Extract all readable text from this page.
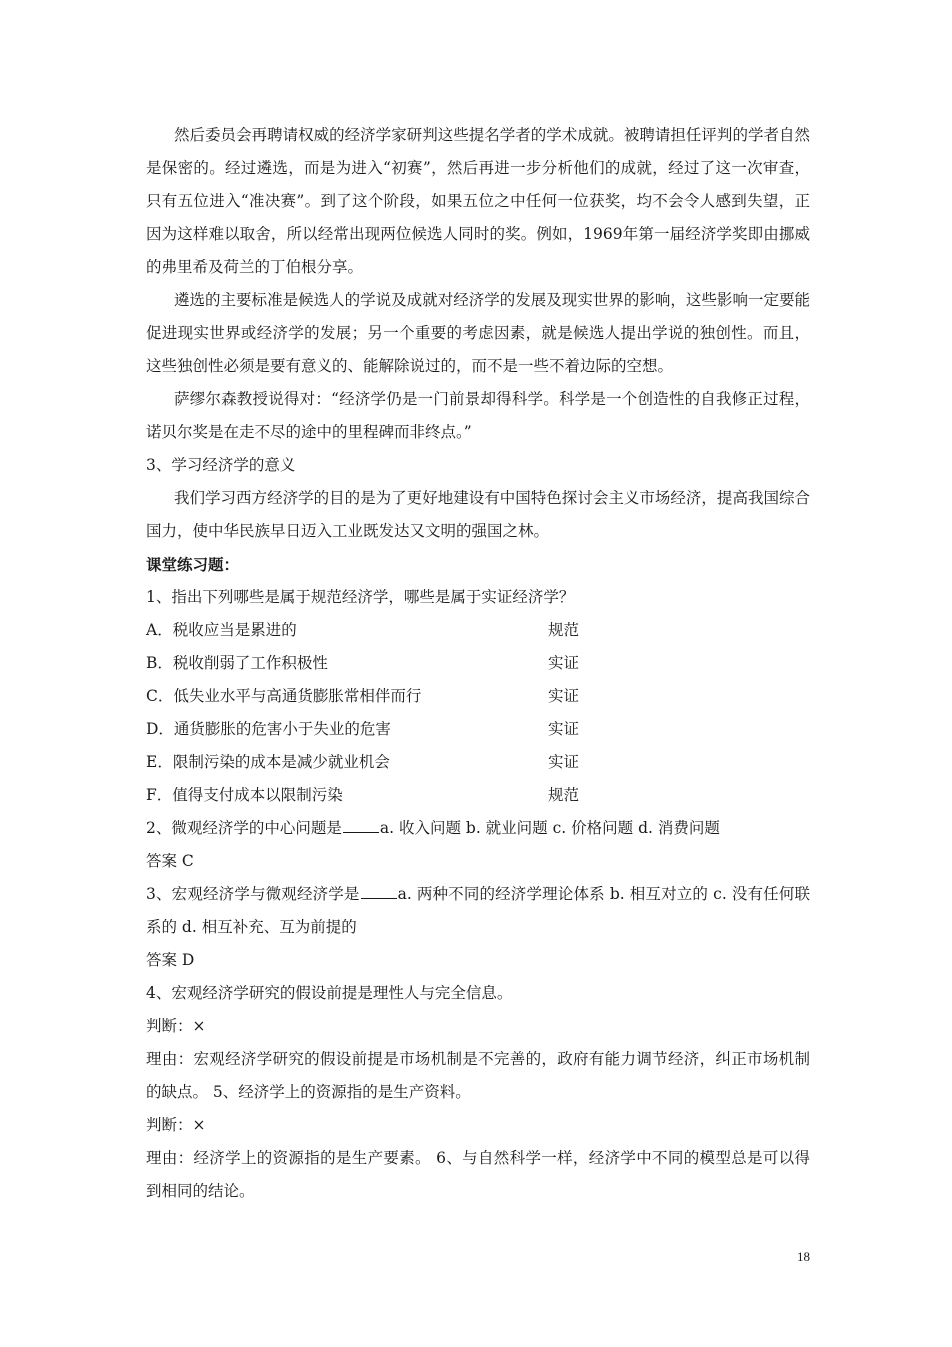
然后委员会再聘请权威的经济学家研判这些提名学者的学术成就。被聘请担任评判的学者自然是保密的。经过遴选，而是为进入“初赛”，然后再进一步分析他们的成就，经过了这一次审查，只有五位进入“准决赛”。到了这个阶段，如果五位之中任何一位获奖，均不会令人感到失望，正因为这样难以取舍，所以经常出现两位候选人同时的奖。例如，1969年第一届经济学奖即由挪威的弗里希及荷兰的丁伯根分享。

遴选的主要标准是候选人的学说及成就对经济学的发展及现实世界的影响，这些影响一定要能促进现实世界或经济学的发展；另一个重要的考虑因素，就是候选人提出学说的独创性。而且，这些独创性必须是要有意义的、能解除说过的，而不是一些不着边际的空想。

萨缪尔森教授说得对：“经济学仍是一门前景却得科学。科学是一个创造性的自我修正过程，诺贝尔奖是在走不尽的途中的里程碑而非终点。”

3、学习经济学的意义

我们学习西方经济学的目的是为了更好地建设有中国特色探讨会主义市场经济，提高我国综合国力，使中华民族早日迈入工业既发达又文明的强国之林。

课堂练习题：

1、指出下列哪些是属于规范经济学，哪些是属于实证经济学？

A．税收应当是累进的	规范
B．税收削弱了工作积极性	实证
C．低失业水平与高通货膨胀常相伴而行	实证
D．通货膨胀的危害小于失业的危害	实证
E．限制污染的成本是减少就业机会	实证
F．值得支付成本以限制污染	规范

2、微观经济学的中心问题是 a. 收入问题 b. 就业问题 c. 价格问题 d. 消费问题

答案 C

3、宏观经济学与微观经济学是 a. 两种不同的经济学理论体系 b. 相互对立的 c. 没有任何联系的 d. 相互补充、互为前提的

答案 D

4、宏观经济学研究的假设前提是理性人与完全信息。

判断：×

理由：宏观经济学研究的假设前提是市场机制是不完善的，政府有能力调节经济，纠正市场机制的缺点。 5、经济学上的资源指的是生产资料。

判断：×

理由：经济学上的资源指的是生产要素。 6、与自然科学一样，经济学中不同的模型总是可以得到相同的结论。

18
